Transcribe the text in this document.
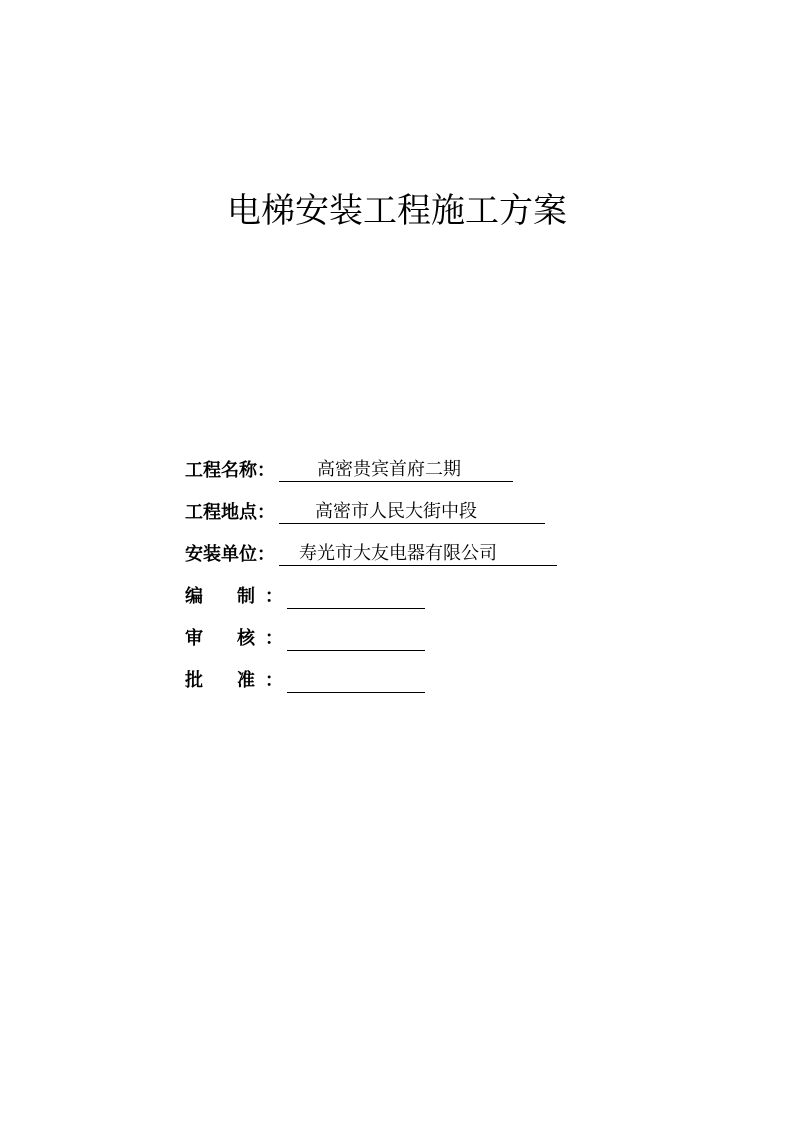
电梯安装工程施工方案
工程名称： 高密贵宾首府二期
工程地点： 高密市人民大街中段
安装单位： 寿光市大友电器有限公司
编 制 ：
审 核 ：
批 准 ：
